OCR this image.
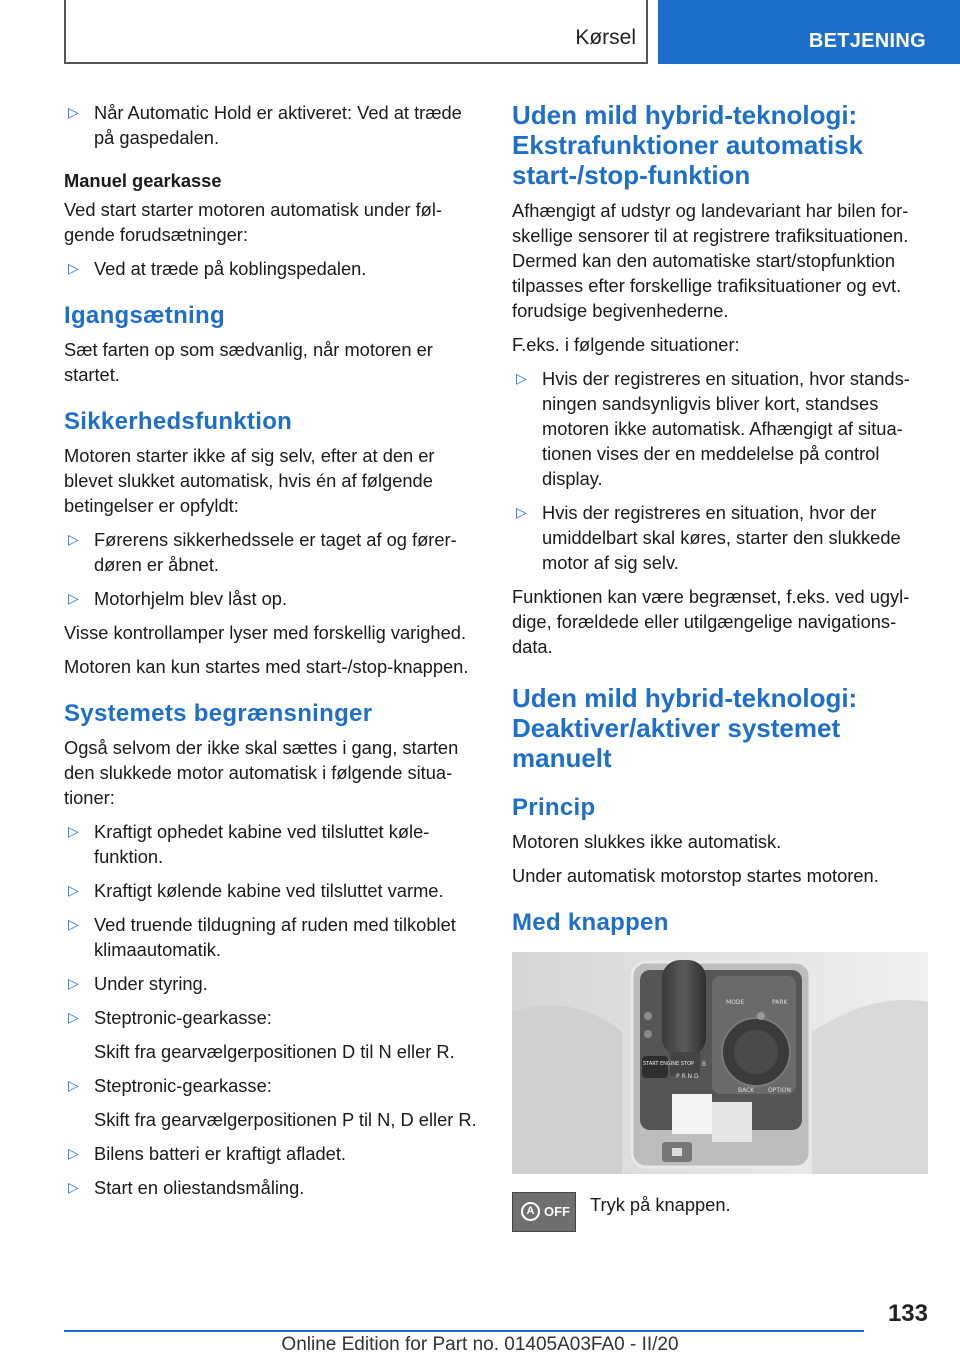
Kørsel	BETJENING
▷ Når Automatic Hold er aktiveret: Ved at træde på gaspedalen.

Manuel gearkasse

Ved start starter motoren automatisk under følgende forudsætninger:

▷ Ved at træde på koblingspedalen.
Igangsætning

Sæt farten op som sædvanlig, når motoren er startet.

Sikkerhedsfunktion

Motoren starter ikke af sig selv, efter at den er blevet slukket automatisk, hvis én af følgende betingelser er opfyldt:

▷ Førerens sikkerhedssele er taget af og førerdøren er åbnet.
▷ Motorhjelm blev låst op.

Visse kontrollamper lyser med forskellig varighed.

Motoren kan kun startes med start-/stop-knappen.

Systemets begrænsninger

Også selvom der ikke skal sættes i gang, starten den slukkede motor automatisk i følgende situationer:

▷ Kraftigt ophedet kabine ved tilsluttet kølefunktion.
▷ Kraftigt kølende kabine ved tilsluttet varme.
▷ Ved truende tildugning af ruden med tilkoblet klimaautomatik.
▷ Under styring.
▷ Steptronic-gearkasse:
Skift fra gearvælgerpositionen D til N eller R.
▷ Steptronic-gearkasse:
Skift fra gearvælgerpositionen P til N, D eller R.
▷ Bilens batteri er kraftigt afladet.
▷ Start en oliestandsmåling.
Uden mild hybrid-teknologi: Ekstrafunktioner automatisk start-/stop-funktion

Afhængigt af udstyr og landevariant har bilen forskellige sensorer til at registrere trafiksituationen. Dermed kan den automatiske start/stopfunktion tilpasses efter forskellige trafiksituationer og evt. forudsige begivenhederne.

F.eks. i følgende situationer:

▷ Hvis der registreres en situation, hvor standsningen sandsynligvis bliver kort, standses motoren ikke automatisk. Afhængigt af situationen vises der en meddelelse på control display.
▷ Hvis der registreres en situation, hvor der umiddelbart skal køres, starter den slukkede motor af sig selv.

Funktionen kan være begrænset, f.eks. ved ugyldige, forældede eller utilgængelige navigationsdata.

Uden mild hybrid-teknologi: Deaktiver/aktiver systemet manuelt
Princip

Motoren slukkes ikke automatisk.

Under automatisk motorstop startes motoren.

Med knappen
MODE	PARK
BACK OPTION
START ENGINE STOP
P R N D
B
A OFF Tryk på knappen.
133
Online Edition for Part no. 01405A03FA0 - II/20
